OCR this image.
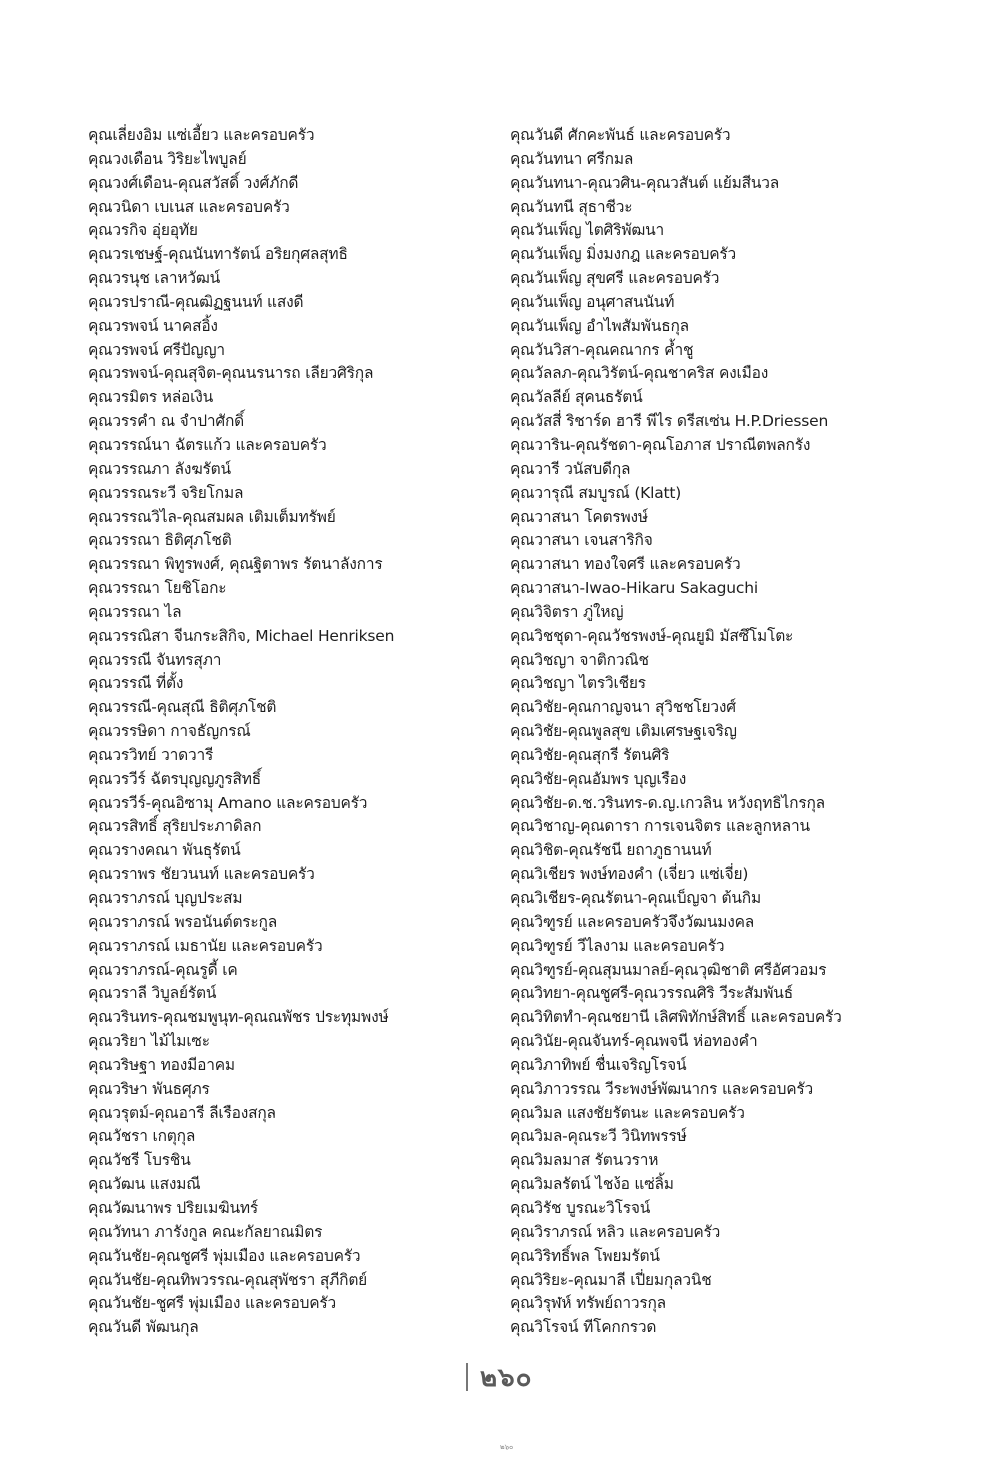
คุณเลี่ยงอิม แซ่เอี้ยว และครอบครัว
คุณวงเดือน วิริยะไพบูลย์
คุณวงศ์เดือน-คุณสวัสดิ์ วงศ์ภักดี
คุณวนิดา เบเนส และครอบครัว
คุณวรกิจ อุ่ยอุทัย
คุณวรเชษฐ์-คุณนันทารัตน์ อริยกุศลสุทธิ
คุณวรนุช เลาหวัฒน์
คุณวรปราณี-คุณฒิฏฐนนท์ แสงดี
คุณวรพจน์ นาคสอิ้ง
คุณวรพจน์ ศรีปัญญา
คุณวรพจน์-คุณสุจิต-คุณนรนารถ เลียวศิริกุล
คุณวรมิตร หล่อเงิน
คุณวรรคำ ณ จำปาศักดิ์
คุณวรรณ์นา ฉัตรแก้ว และครอบครัว
คุณวรรณภา ลังฆรัตน์
คุณวรรณระวี จริยโกมล
คุณวรรณวิไล-คุณสมผล เติมเต็มทรัพย์
คุณวรรณา ธิติศุภโชติ
คุณวรรณา พิทูรพงศ์, คุณฐิตาพร รัตนาลังการ
คุณวรรณา โยชิโอกะ
คุณวรรณา ไล
คุณวรรณิสา จีนกระสิกิจ, Michael Henriksen
คุณวรรณี จันทรสุภา
คุณวรรณี ที่ตั้ง
คุณวรรณี-คุณสุณี ธิติศุภโชติ
คุณวรรษิดา กาจธัญกรณ์
คุณวรวิทย์ วาดวารี
คุณวรวีร์ ฉัตรบุญญภูรสิทธิ์
คุณวรวีร์-คุณอิซามุ Amano และครอบครัว
คุณวรสิทธิ์ สุริยประภาดิลก
คุณวรางคณา พันธุรัตน์
คุณวราพร ชัยวนนท์ และครอบครัว
คุณวราภรณ์ บุญประสม
คุณวราภรณ์ พรอนันต์ตระกูล
คุณวราภรณ์ เมธานัย และครอบครัว
คุณวราภรณ์-คุณรูดี้ เค
คุณวราลี วิบูลย์รัตน์
คุณวรินทร-คุณชมพูนุท-คุณณพัชร ประทุมพงษ์
คุณวริยา ไม้ไมเซะ
คุณวริษฐา ทองมีอาคม
คุณวริษา พันธศุภร
คุณวรุตม์-คุณอารี ลีเรืองสกุล
คุณวัชรา เกตุกุล
คุณวัชรี โบรชิน
คุณวัฒน แสงมณี
คุณวัฒนาพร ปริยเมฆินทร์
คุณวัทนา ภารังกูล คณะกัลยาณมิตร
คุณวันชัย-คุณชูศรี พุ่มเมือง และครอบครัว
คุณวันชัย-คุณทิพวรรณ-คุณสุพัชรา สุภีกิตย์
คุณวันชัย-ชูศรี พุ่มเมือง และครอบครัว
คุณวันดี พัฒนกุล
คุณวันดี ศักคะพันธ์ และครอบครัว
คุณวันทนา ศรีกมล
คุณวันทนา-คุณวศิน-คุณวสันต์ แย้มสีนวล
คุณวันทนี สุธาชีวะ
คุณวันเพ็ญ ไตศิริพัฒนา
คุณวันเพ็ญ มิ่งมงกฎ และครอบครัว
คุณวันเพ็ญ สุขศรี และครอบครัว
คุณวันเพ็ญ อนุศาสนนันท์
คุณวันเพ็ญ อำไพสัมพันธกุล
คุณวันวิสา-คุณคณากร ค้ำชู
คุณวัลลภ-คุณวิรัตน์-คุณชาคริส คงเมือง
คุณวัลลีย์ สุคนธรัตน์
คุณวัสสี่ ริชาร์ด ฮารี พีไร ดรีสเซ่น H.P.Driessen
คุณวาริน-คุณรัชดา-คุณโอภาส ปราณีตพลกรัง
คุณวารี วนัสบดีกุล
คุณวารุณี สมบูรณ์ (Klatt)
คุณวาสนา โคตรพงษ์
คุณวาสนา เจนสาริกิจ
คุณวาสนา ทองใจศรี และครอบครัว
คุณวาสนา-Iwao-Hikaru Sakaguchi
คุณวิจิตรา ภู่ใหญ่
คุณวิชชุดา-คุณวัชรพงษ์-คุณยูมิ มัสซึโมโตะ
คุณวิชญา จาติกวณิช
คุณวิชญา ไตรวิเชียร
คุณวิชัย-คุณกาญจนา สุวิชชโยวงศ์
คุณวิชัย-คุณพูลสุข เติมเศรษฐเจริญ
คุณวิชัย-คุณสุกรี รัตนศิริ
คุณวิชัย-คุณอัมพร บุญเรือง
คุณวิชัย-ด.ช.วรินทร-ด.ญ.เกวลิน หวังฤทธิไกรกุล
คุณวิชาญ-คุณดารา การเจนจิตร และลูกหลาน
คุณวิชิต-คุณรัชนี ยถาภูธานนท์
คุณวิเชียร พงษ์ทองคำ (เจี่ยว แซ่เจี่ย)
คุณวิเชียร-คุณรัตนา-คุณเบ็ญจา ต้นกิม
คุณวิฑูรย์ และครอบครัวจึงวัฒนมงคล
คุณวิฑูรย์ วีไลงาม และครอบครัว
คุณวิฑูรย์-คุณสุมนมาลย์-คุณวุฒิชาติ ศรีอัศวอมร
คุณวิทยา-คุณชูศรี-คุณวรรณศิริ วีระสัมพันธ์
คุณวิทิตทำ-คุณชยานี เลิศพิทักษ์สิทธิ์ และครอบครัว
คุณวินัย-คุณจันทร์-คุณพจนี ห่อทองคำ
คุณวิภาทิพย์ ชื่นเจริญโรจน์
คุณวิภาวรรณ วีระพงษ์พัฒนากร และครอบครัว
คุณวิมล แสงชัยรัตนะ และครอบครัว
คุณวิมล-คุณระวี วินิทพรรษ์
คุณวิมลมาส รัตนวราห
คุณวิมลรัตน์ ไชง้อ แซ่ลิ้ม
คุณวิรัช บูรณะวิโรจน์
คุณวิราภรณ์ หลิว และครอบครัว
คุณวิริทธิ์พล โพยมรัตน์
คุณวิริยะ-คุณมาลี เปี่ยมกุลวนิช
คุณวิรุฬห์ ทรัพย์ถาวรกุล
คุณวิโรจน์ ทีโคกกรวด
๒๖๐
๒๖๐
